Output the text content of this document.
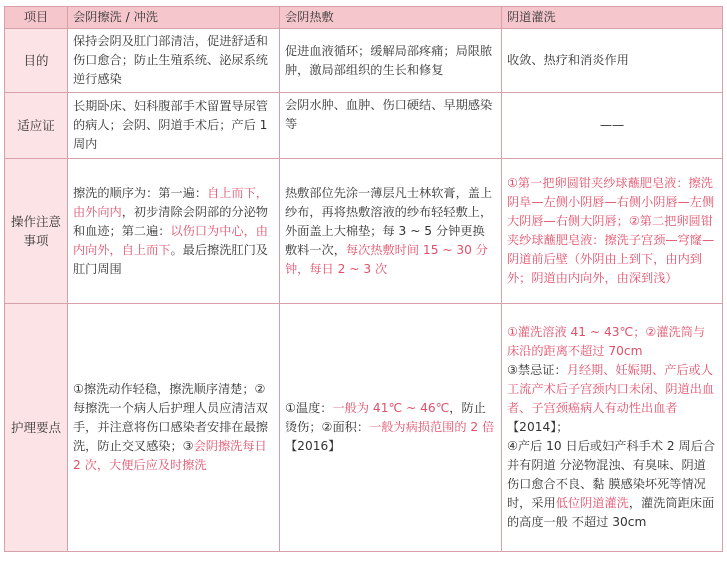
项目	会阴擦洗 / 冲洗	会阴热敷	阴道灌洗
目的	保持会阴及肛门部清洁，促进舒适和伤口愈合；防止生殖系统、泌尿系统逆行感染	促进血液循环；缓解局部疼痛；局限脓肿，激局部组织的生长和修复	收敛、热疗和消炎作用
适应证	长期卧床、妇科腹部手术留置导尿管的病人；会阴、阴道手术后；产后 1 周内	会阴水肿、血肿、伤口硬结、早期感染等	——
操作注意事项	擦洗的顺序为：第一遍：自上而下，由外向内，初步清除会阴部的分泌物和血迹；第二遍：以伤口为中心，由内向外，自上而下。最后擦洗肛门及肛门周围	热敷部位先涂一薄层凡士林软膏，盖上纱布，再将热敷溶液的纱布轻轻敷上，外面盖上大棉垫；每 3 ~ 5 分钟更换敷料一次，每次热敷时间 15 ~ 30 分钟，每日 2 ~ 3 次	①第一把卵圆钳夹纱球蘸肥皂液：擦洗阴阜—左侧小阴唇—右侧小阴唇—左侧大阴唇—右侧大阴唇；②第二把卵圆钳夹纱球蘸肥皂液：擦洗子宫颈—穹窿—阴道前后壁（外阴由上到下，由内到外；阴道由内向外，由深到浅）
护理要点	①擦洗动作轻稳，擦洗顺序清楚；②每擦洗一个病人后护理人员应清洁双手，并注意将伤口感染者安排在最擦洗，防止交叉感染；③会阴擦洗每日 2 次，大便后应及时擦洗	①温度：一般为 41℃ ~ 46℃，防止烫伤；②面积：一般为病损范围的 2 倍【2016】	①灌洗溶液 41 ~ 43℃；②灌洗筒与床沿的距离不超过 70cm
③禁忌证：月经期、妊娠期、产后或人工流产术后子宫颈内口未闭、阴道出血者、子宫颈癌病人有动性出血者【2014】；
④产后 10 日后或妇产科手术 2 周后合并有阴道 分泌物混浊、有臭味、阴道伤口愈合不良、黏 膜感染坏死等情况时，采用低位阴道灌洗，灌洗筒距床面的高度一般 不超过 30cm
